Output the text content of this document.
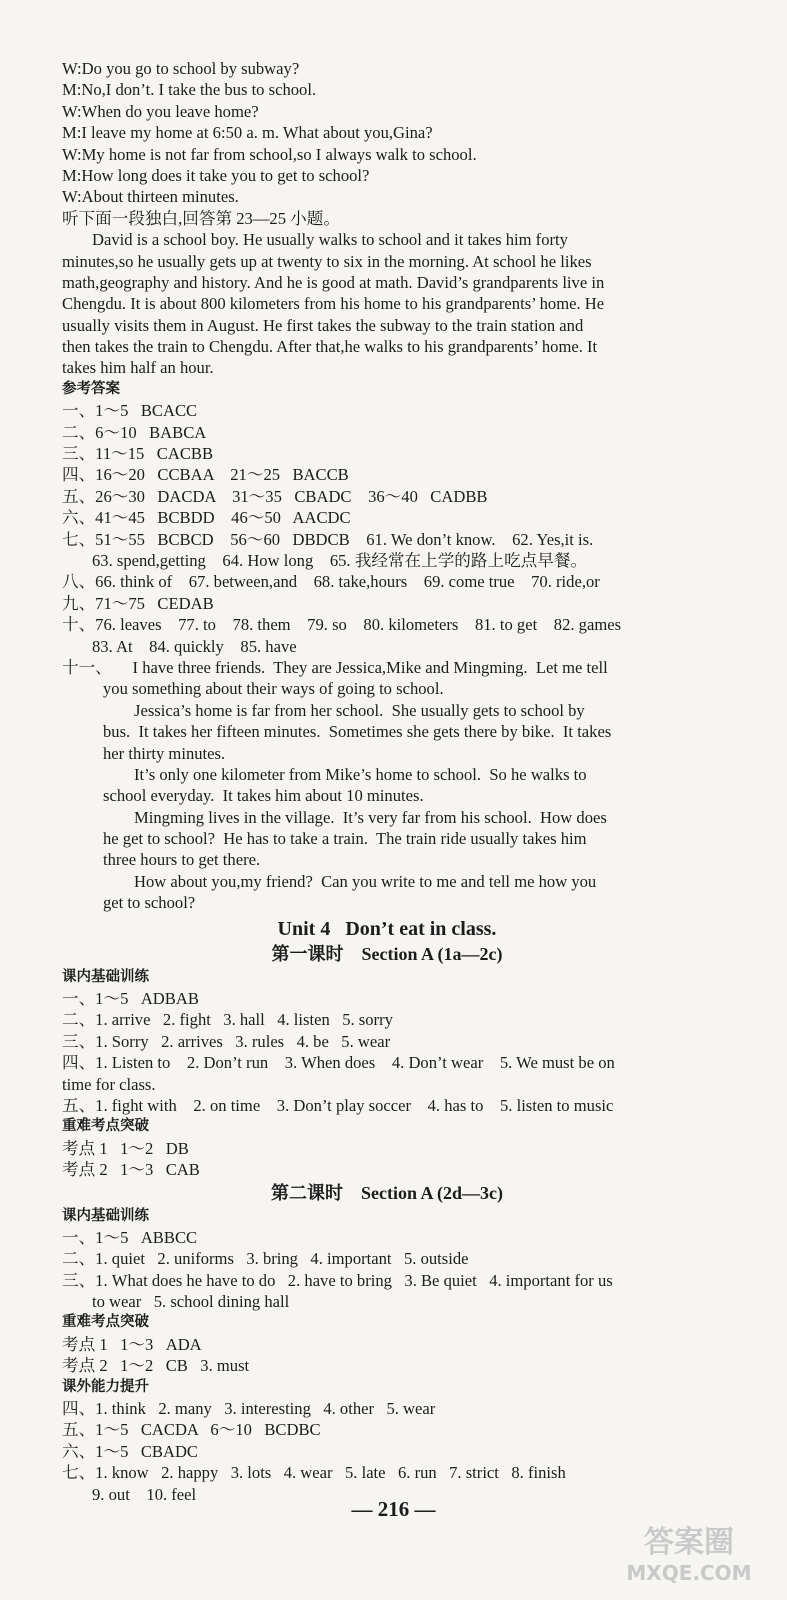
W:Do you go to school by subway?
M:No,I don’t. I take the bus to school.
W:When do you leave home?
M:I leave my home at 6:50 a. m. What about you,Gina?
W:My home is not far from school,so I always walk to school.
M:How long does it take you to get to school?
W:About thirteen minutes.
听下面一段独白,回答第 23—25 小题。
David is a school boy. He usually walks to school and it takes him forty
minutes,so he usually gets up at twenty to six in the morning. At school he likes
math,geography and history. And he is good at math. David’s grandparents live in
Chengdu. It is about 800 kilometers from his home to his grandparents’ home. He
usually visits them in August. He first takes the subway to the train station and
then takes the train to Chengdu. After that,he walks to his grandparents’ home. It
takes him half an hour.
参考答案
一、1～5   BCACC
二、6～10   BABCA
三、11～15   CACBB
四、16～20   CCBAA    21～25   BACCB
五、26～30   DACDA    31～35   CBADC    36～40   CADBB
六、41～45   BCBDD    46～50   AACDC
七、51～55   BCBCD    56～60   DBDCB    61. We don’t know.    62. Yes,it is.
63. spend,getting    64. How long    65. 我经常在上学的路上吃点早餐。
八、66. think of    67. between,and    68. take,hours    69. come true    70. ride,or
九、71～75   CEDAB
十、76. leaves    77. to    78. them    79. so    80. kilometers    81. to get    82. games
83. At    84. quickly    85. have
十一、     I have three friends.  They are Jessica,Mike and Mingming.  Let me tell
you something about their ways of going to school.
Jessica’s home is far from her school.  She usually gets to school by
bus.  It takes her fifteen minutes.  Sometimes she gets there by bike.  It takes
her thirty minutes.
It’s only one kilometer from Mike’s home to school.  So he walks to
school everyday.  It takes him about 10 minutes.
Mingming lives in the village.  It’s very far from his school.  How does
he get to school?  He has to take a train.  The train ride usually takes him
three hours to get there.
How about you,my friend?  Can you write to me and tell me how you
get to school?
Unit 4   Don’t eat in class.
第一课时    Section A (1a—2c)
课内基础训练
一、1～5   ADBAB
二、1. arrive   2. fight   3. hall   4. listen   5. sorry
三、1. Sorry   2. arrives   3. rules   4. be   5. wear
四、1. Listen to    2. Don’t run    3. When does    4. Don’t wear    5. We must be on
time for class.
五、1. fight with    2. on time    3. Don’t play soccer    4. has to    5. listen to music
重难考点突破
考点 1   1～2   DB
考点 2   1～3   CAB
第二课时    Section A (2d—3c)
课内基础训练
一、1～5   ABBCC
二、1. quiet   2. uniforms   3. bring   4. important   5. outside
三、1. What does he have to do   2. have to bring   3. Be quiet   4. important for us
to wear   5. school dining hall
重难考点突破
考点 1   1～3   ADA
考点 2   1～2   CB   3. must
课外能力提升
四、1. think   2. many   3. interesting   4. other   5. wear
五、1～5   CACDA   6～10   BCDBC
六、1～5   CBADC
七、1. know   2. happy   3. lots   4. wear   5. late   6. run   7. strict   8. finish
9. out    10. feel
— 216 —
答案圈
MXQE.COM
